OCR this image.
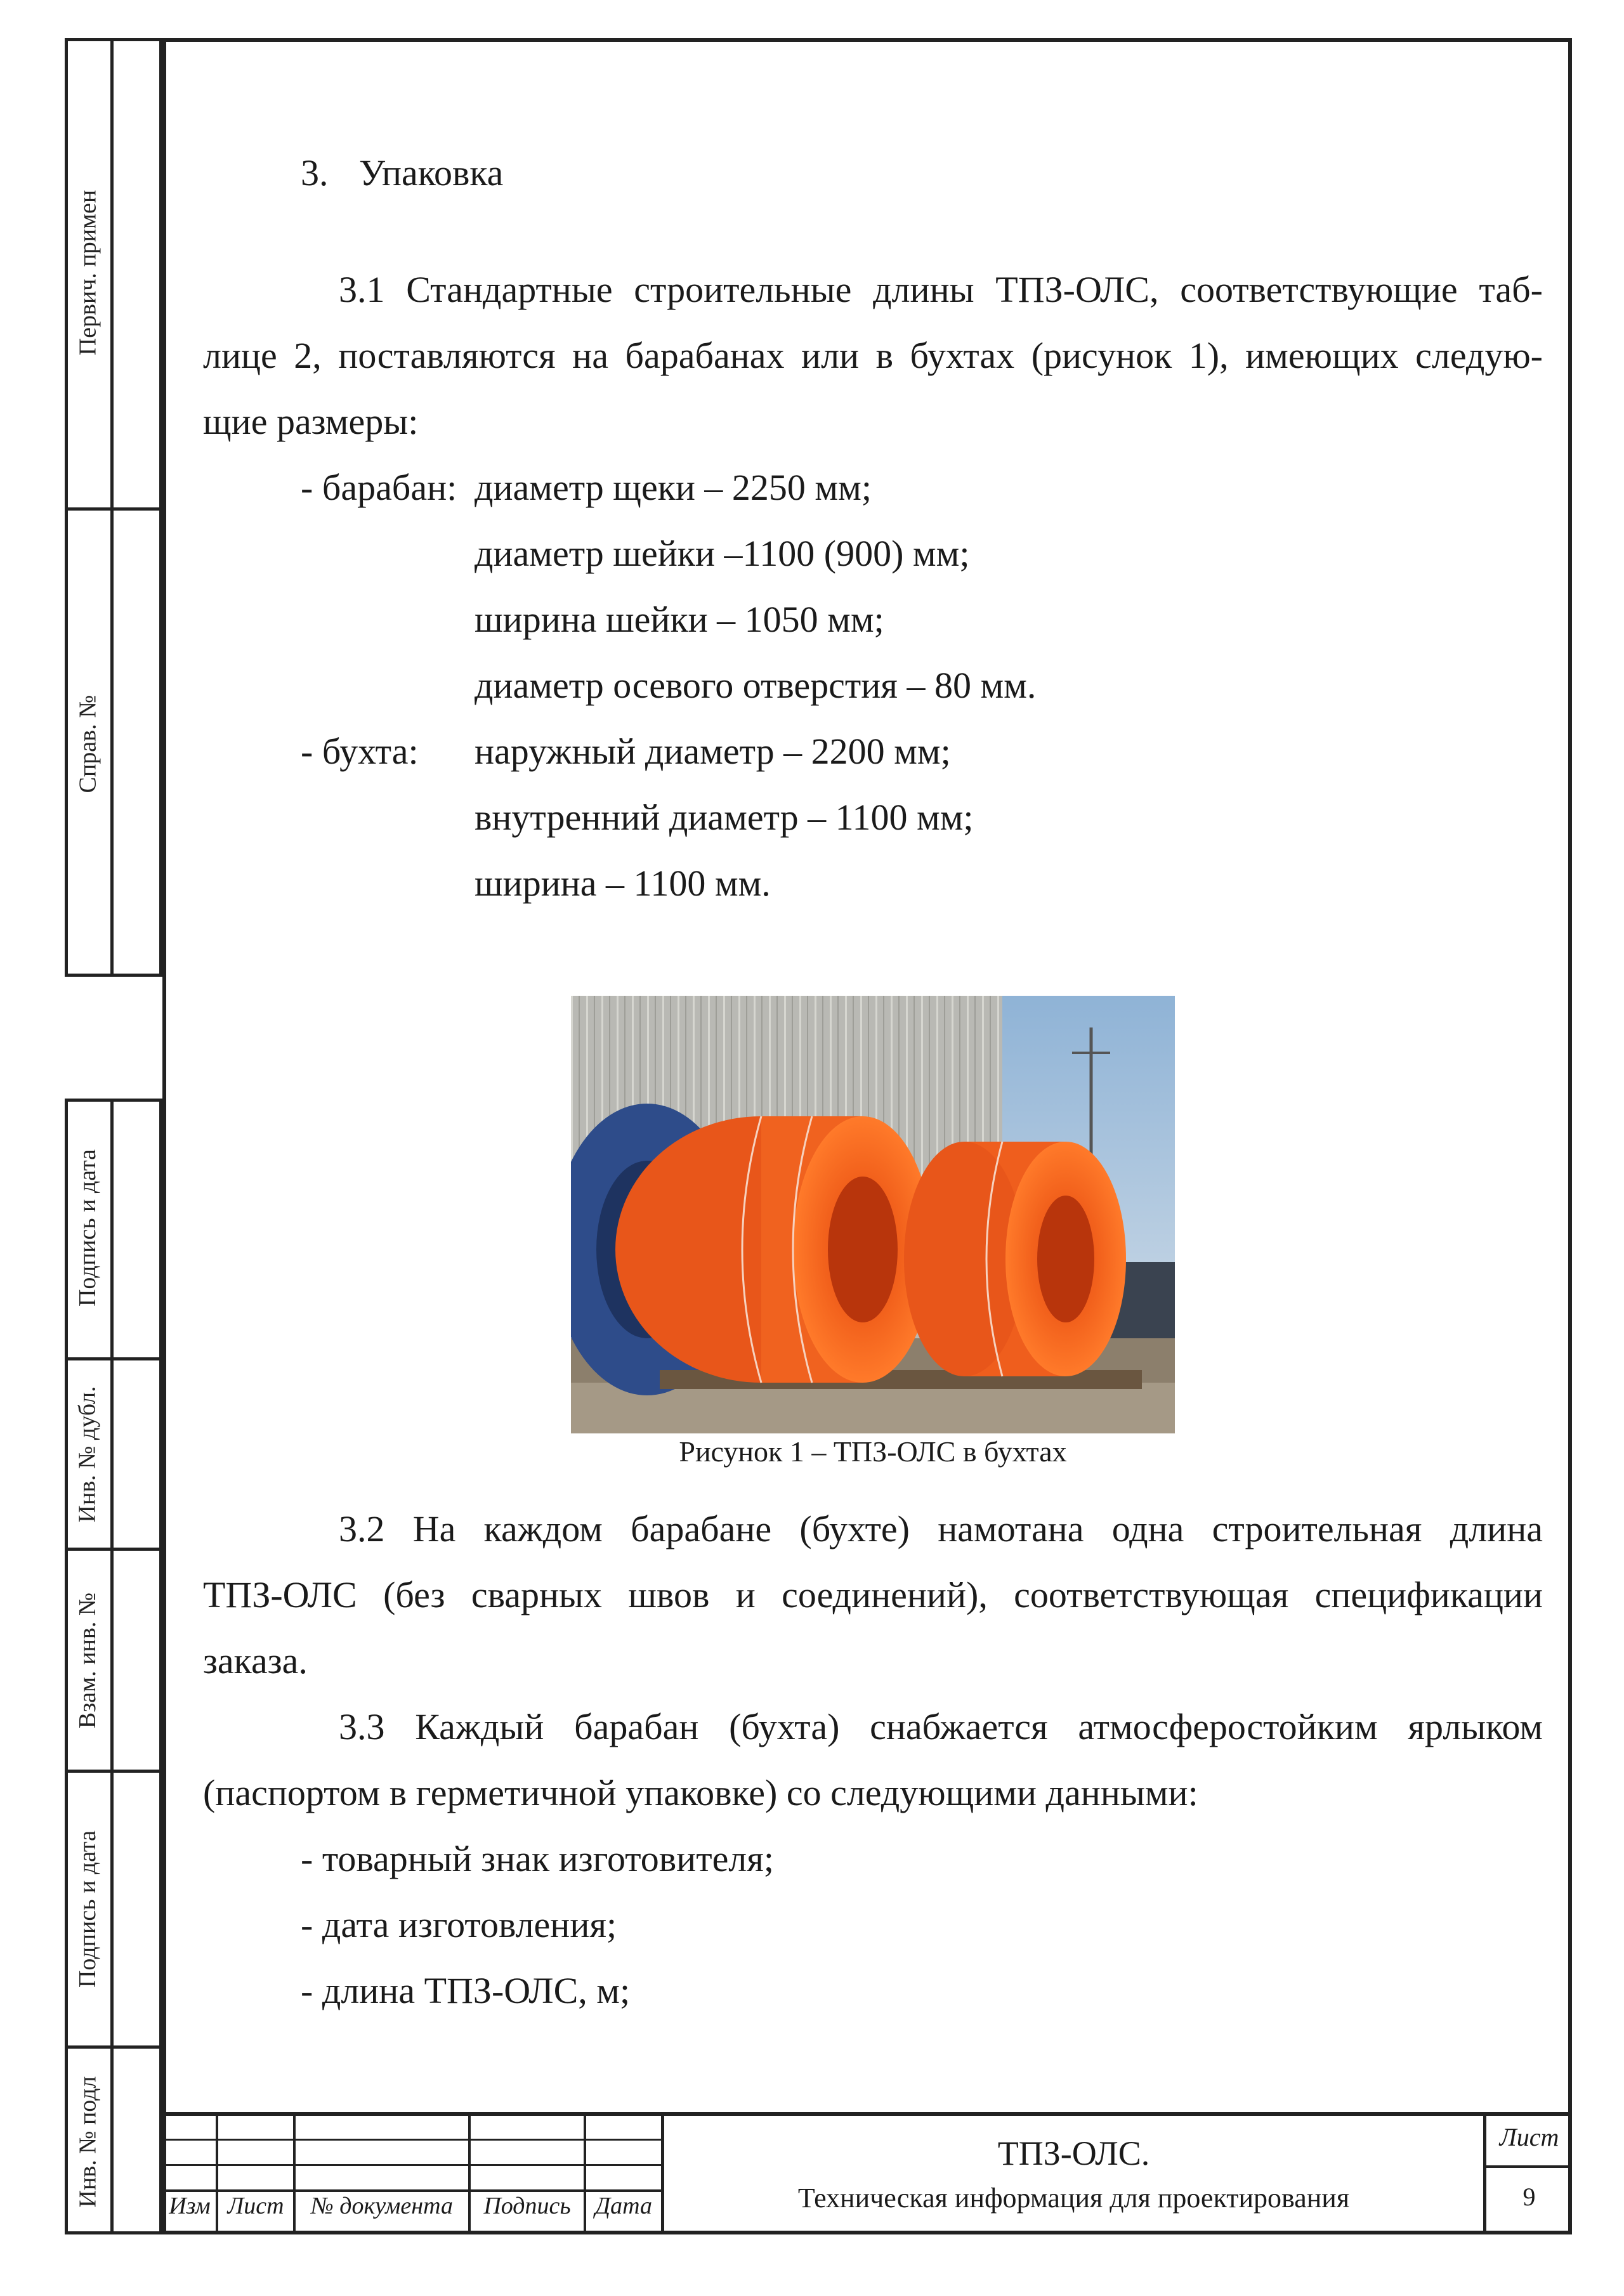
Первич. примен
Справ. №
Подпись и дата
Инв. № дубл.
Взам. инв. №
Подпись и дата
Инв. № подл
3. Упаковка
3.1 Стандартные строительные длины ТПЗ-ОЛС, соответствующие таб-
лице 2, поставляются на барабанах или в бухтах (рисунок 1), имеющих следую-
щие размеры:
- барабан: диаметр щеки – 2250 мм;
диаметр шейки –1100 (900) мм;
ширина шейки – 1050 мм;
диаметр осевого отверстия – 80 мм.
- бухта: наружный диаметр – 2200 мм;
внутренний диаметр – 1100 мм;
ширина – 1100 мм.
Рисунок 1 – ТПЗ-ОЛС в бухтах
3.2 На каждом барабане (бухте) намотана одна строительная длина
ТПЗ-ОЛС (без сварных швов и соединений), соответствующая спецификации
заказа.
3.3 Каждый барабан (бухта) снабжается атмосферостойким ярлыком
(паспортом в герметичной упаковке) со следующими данными:
- товарный знак изготовителя;
- дата изготовления;
- длина ТПЗ-ОЛС, м;
Изм Лист	№ документа	Подпись	Дата
ТПЗ-ОЛС.
Техническая информация для проектирования
Лист
9
